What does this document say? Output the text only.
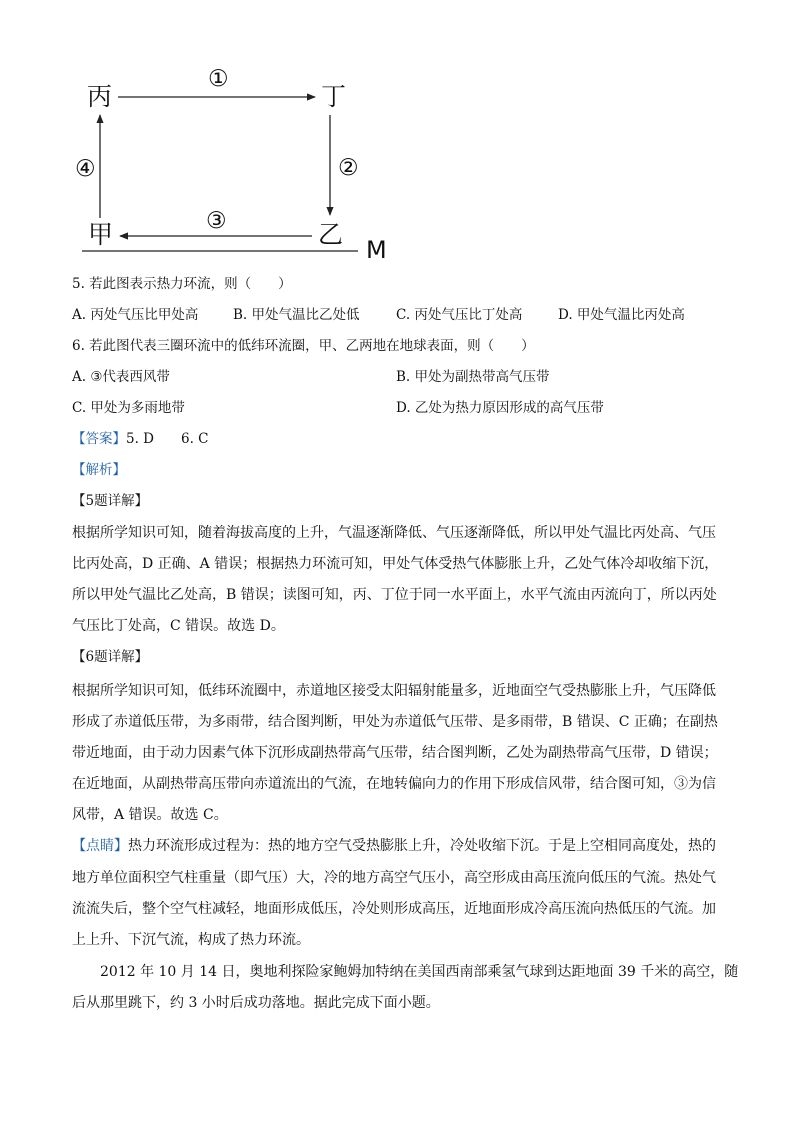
丙	丁
甲	乙
M
①
②
③
④
5. 若此图表示热力环流，则（　　）
A. 丙处气压比甲处高	B. 甲处气温比乙处低	C. 丙处气压比丁处高	D. 甲处气温比丙处高
6. 若此图代表三圈环流中的低纬环流圈，甲、乙两地在地球表面，则（　　）
A. ③代表西风带	B. 甲处为副热带高气压带
C. 甲处为多雨地带	D. 乙处为热力原因形成的高气压带
【答案】5. D　　6. C
【解析】
【5题详解】
根据所学知识可知，随着海拔高度的上升，气温逐渐降低、气压逐渐降低，所以甲处气温比丙处高、气压
比丙处高，D 正确、A 错误；根据热力环流可知，甲处气体受热气体膨胀上升，乙处气体冷却收缩下沉，
所以甲处气温比乙处高，B 错误；读图可知，丙、丁位于同一水平面上，水平气流由丙流向丁，所以丙处
气压比丁处高，C 错误。故选 D。
【6题详解】
根据所学知识可知，低纬环流圈中，赤道地区接受太阳辐射能量多，近地面空气受热膨胀上升，气压降低
形成了赤道低压带，为多雨带，结合图判断，甲处为赤道低气压带、是多雨带，B 错误、C 正确；在副热
带近地面，由于动力因素气体下沉形成副热带高气压带，结合图判断，乙处为副热带高气压带，D 错误；
在近地面，从副热带高压带向赤道流出的气流，在地转偏向力的作用下形成信风带，结合图可知，③为信
风带，A 错误。故选 C。
【点睛】热力环流形成过程为：热的地方空气受热膨胀上升，冷处收缩下沉。于是上空相同高度处，热的
地方单位面积空气柱重量（即气压）大，冷的地方高空气压小，高空形成由高压流向低压的气流。热处气
流流失后，整个空气柱减轻，地面形成低压，冷处则形成高压，近地面形成冷高压流向热低压的气流。加
上上升、下沉气流，构成了热力环流。
2012 年 10 月 14 日，奥地利探险家鲍姆加特纳在美国西南部乘氢气球到达距地面 39 千米的高空，随
后从那里跳下，约 3 小时后成功落地。据此完成下面小题。
